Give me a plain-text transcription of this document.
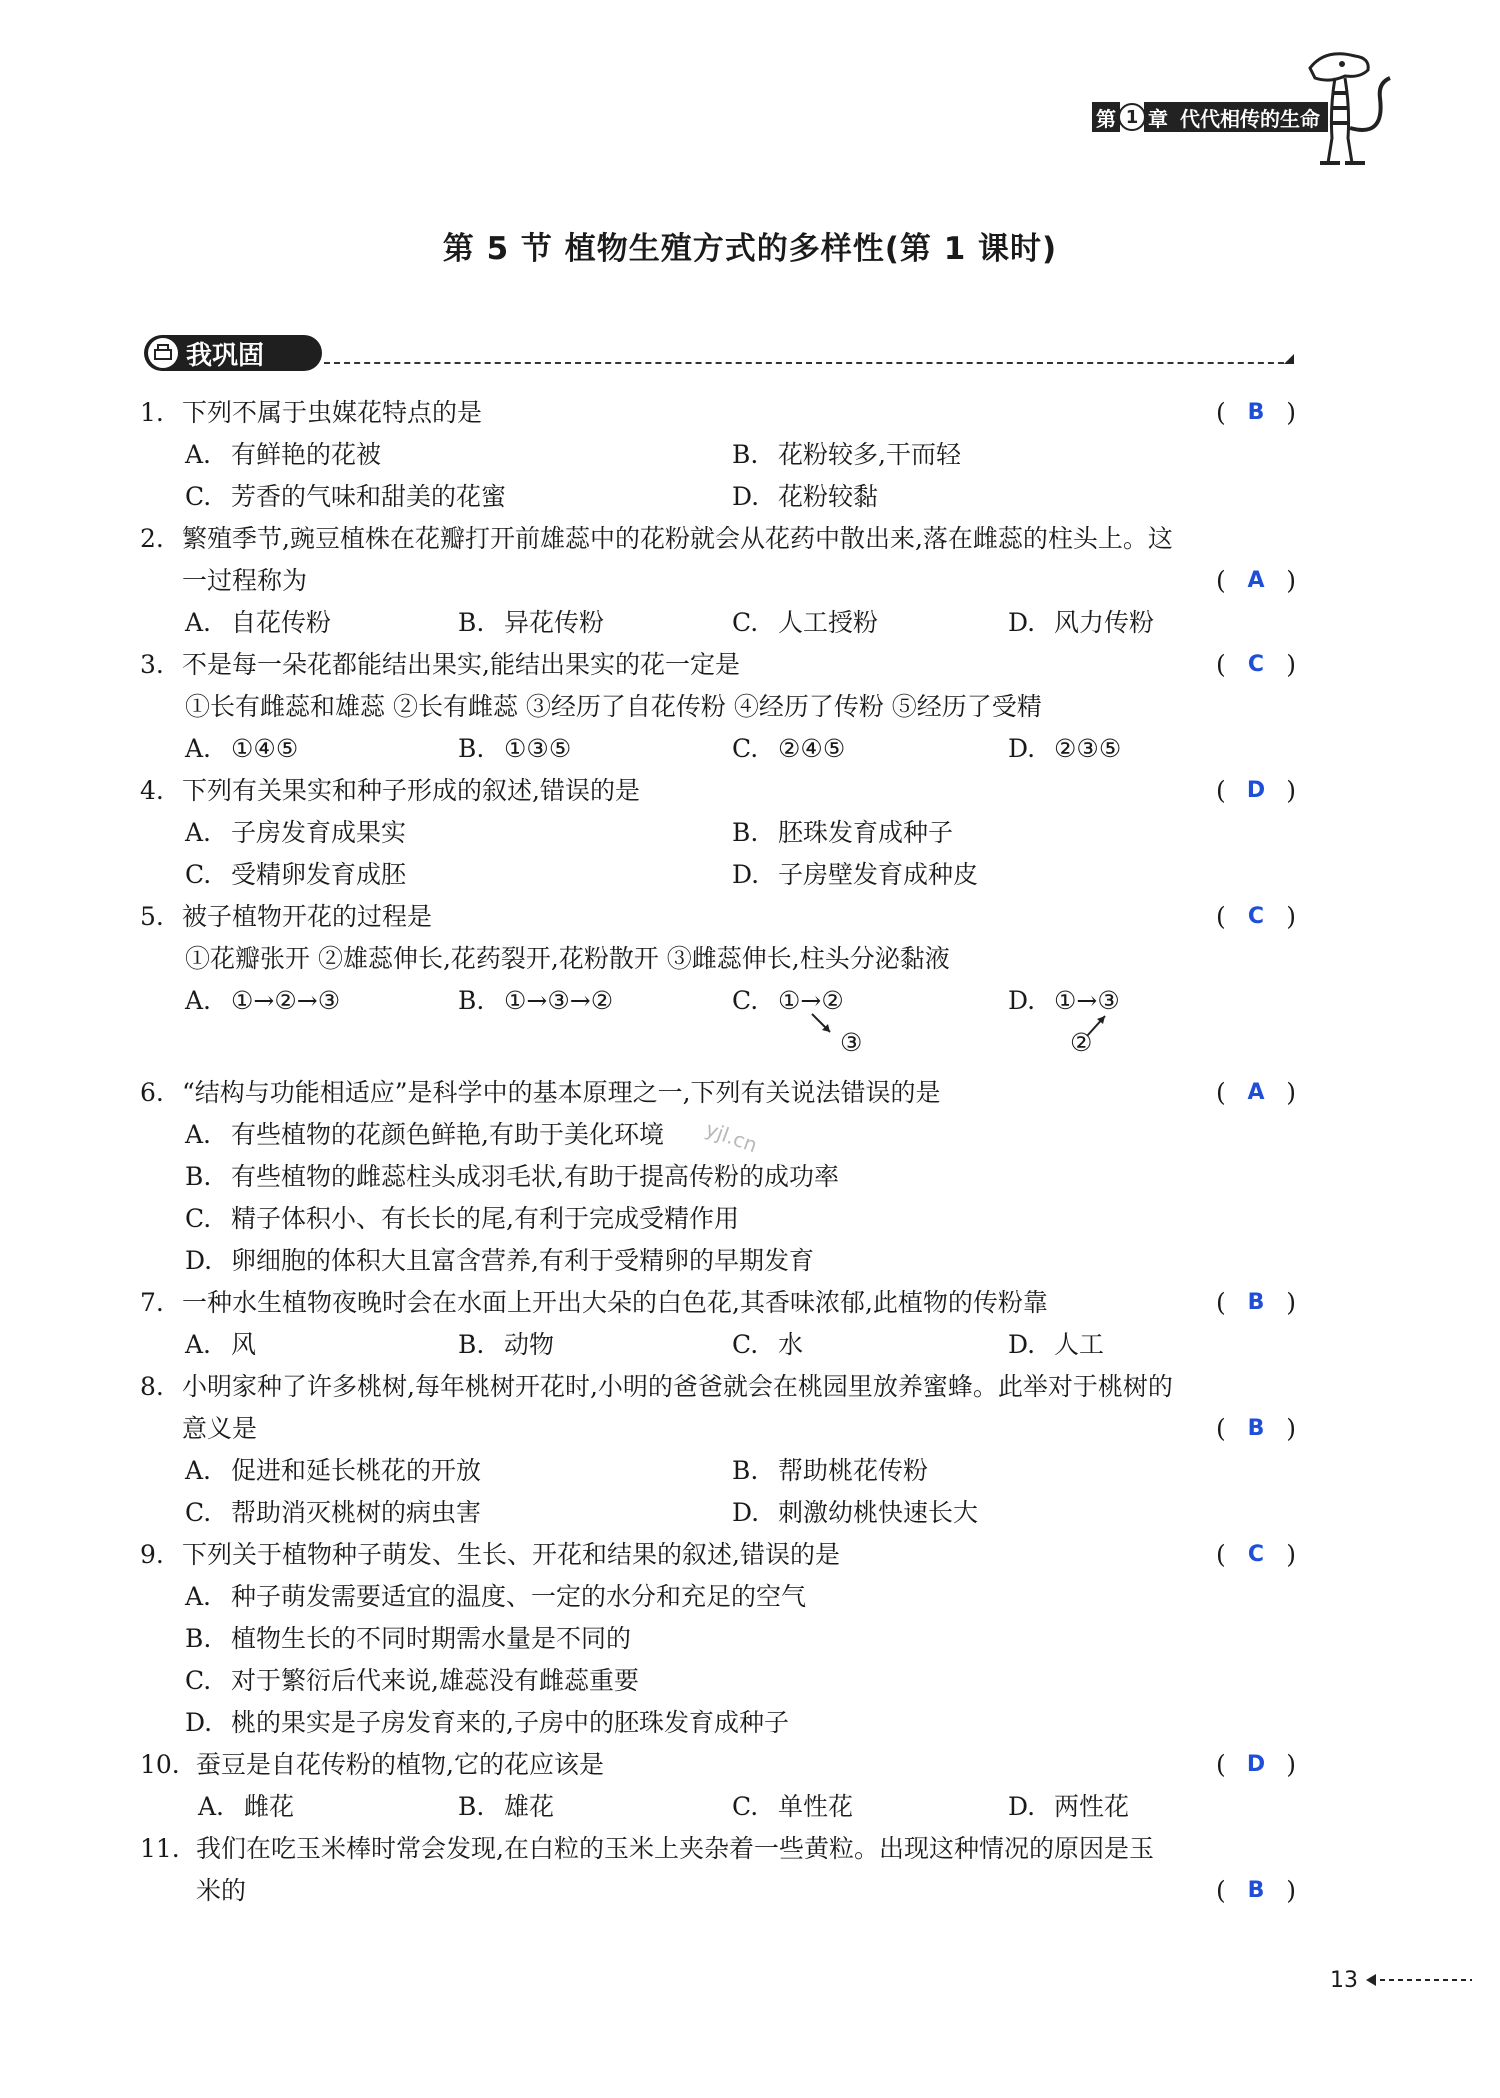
第 1 章 代代相传的生命
第 5 节 植物生殖方式的多样性(第 1 课时)
我巩固
1. 下列不属于虫媒花特点的是	( B )
A. 有鲜艳的花被	B. 花粉较多,干而轻
C. 芳香的气味和甜美的花蜜	D. 花粉较黏
2. 繁殖季节,豌豆植株在花瓣打开前雄蕊中的花粉就会从花药中散出来,落在雌蕊的柱头上。这
一过程称为	( A )
A. 自花传粉	B. 异花传粉	C. 人工授粉	D. 风力传粉
3. 不是每一朵花都能结出果实,能结出果实的花一定是	( C )
①长有雌蕊和雄蕊 ②长有雌蕊 ③经历了自花传粉 ④经历了传粉 ⑤经历了受精
A. ①④⑤	B. ①③⑤	C. ②④⑤	D. ②③⑤
4. 下列有关果实和种子形成的叙述,错误的是	( D )
A. 子房发育成果实	B. 胚珠发育成种子
C. 受精卵发育成胚	D. 子房壁发育成种皮
5. 被子植物开花的过程是	( C )
①花瓣张开 ②雄蕊伸长,花药裂开,花粉散开 ③雌蕊伸长,柱头分泌黏液
A. ①→②→③	B. ①→③→②	C. ①→②
③
D. ①→③
②
6. “结构与功能相适应”是科学中的基本原理之一,下列有关说法错误的是	( A )
A. 有些植物的花颜色鲜艳,有助于美化环境
B. 有些植物的雌蕊柱头成羽毛状,有助于提高传粉的成功率
C. 精子体积小、有长长的尾,有利于完成受精作用
D. 卵细胞的体积大且富含营养,有利于受精卵的早期发育
7. 一种水生植物夜晚时会在水面上开出大朵的白色花,其香味浓郁,此植物的传粉靠	( B )
A. 风	B. 动物	C. 水	D. 人工
8. 小明家种了许多桃树,每年桃树开花时,小明的爸爸就会在桃园里放养蜜蜂。此举对于桃树的
意义是	( B )
A. 促进和延长桃花的开放	B. 帮助桃花传粉
C. 帮助消灭桃树的病虫害	D. 刺激幼桃快速长大
9. 下列关于植物种子萌发、生长、开花和结果的叙述,错误的是	( C )
A. 种子萌发需要适宜的温度、一定的水分和充足的空气
B. 植物生长的不同时期需水量是不同的
C. 对于繁衍后代来说,雄蕊没有雌蕊重要
D. 桃的果实是子房发育来的,子房中的胚珠发育成种子
10. 蚕豆是自花传粉的植物,它的花应该是	( D )
A. 雌花	B. 雄花	C. 单性花	D. 两性花
11. 我们在吃玉米棒时常会发现,在白粒的玉米上夹杂着一些黄粒。出现这种情况的原因是玉
米的	( B )
yjl.cn
13
